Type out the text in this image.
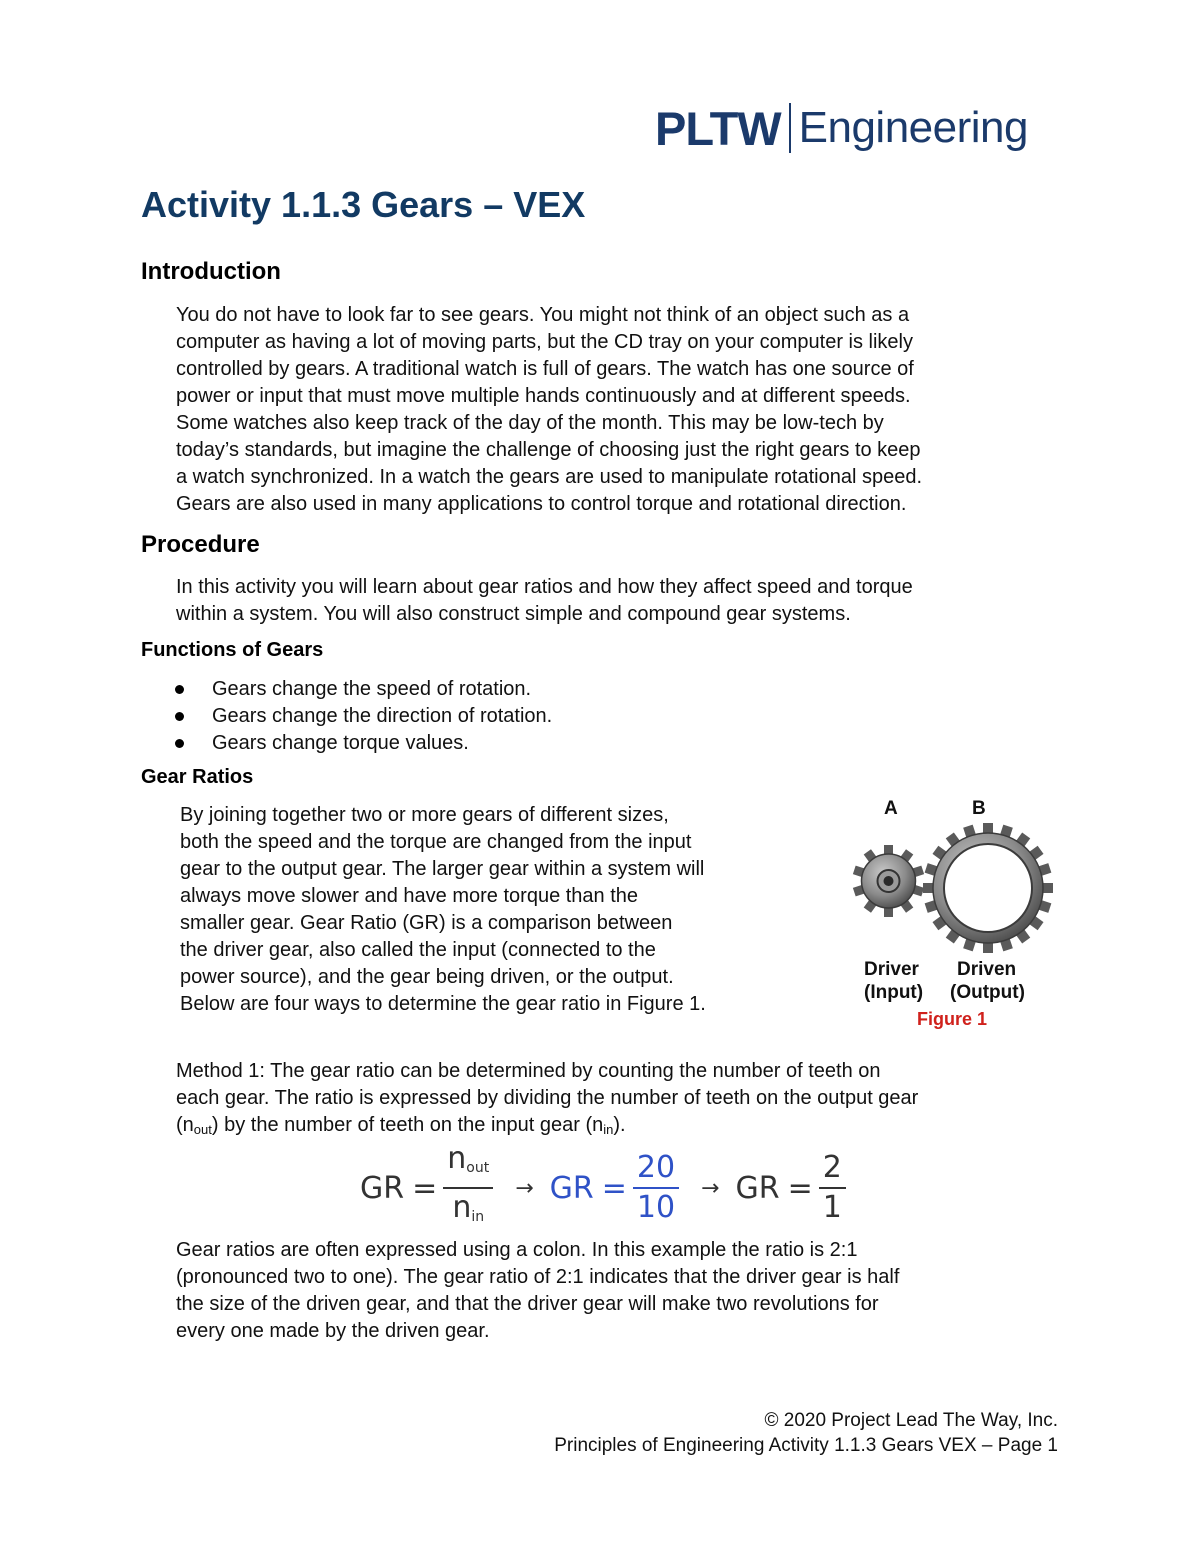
PLTW Engineering
Activity 1.1.3 Gears – VEX
Introduction
You do not have to look far to see gears. You might not think of an object such as a
computer as having a lot of moving parts, but the CD tray on your computer is likely
controlled by gears. A traditional watch is full of gears. The watch has one source of
power or input that must move multiple hands continuously and at different speeds.
Some watches also keep track of the day of the month. This may be low-tech by
today’s standards, but imagine the challenge of choosing just the right gears to keep
a watch synchronized. In a watch the gears are used to manipulate rotational speed.
Gears are also used in many applications to control torque and rotational direction.
Procedure
In this activity you will learn about gear ratios and how they affect speed and torque
within a system. You will also construct simple and compound gear systems.
Functions of Gears
Gears change the speed of rotation.
Gears change the direction of rotation.
Gears change torque values.
Gear Ratios
By joining together two or more gears of different sizes,
both the speed and the torque are changed from the input
gear to the output gear. The larger gear within a system will
always move slower and have more torque than the
smaller gear. Gear Ratio (GR) is a comparison between
the driver gear, also called the input (connected to the
power source), and the gear being driven, or the output.
Below are four ways to determine the gear ratio in Figure 1.
A	B
Driver
(Input)
Driven
(Output)
Figure 1
Method 1: The gear ratio can be determined by counting the number of teeth on
each gear. The ratio is expressed by dividing the number of teeth on the output gear
$(n_{out})$ by the number of teeth on the input gear $(n_{in})$.
GR = $\frac{\text{nout}}{\text{nin}}$ → GR = $\frac{20}{10}$ → GR = $\frac{2}{1}$
Gear ratios are often expressed using a colon. In this example the ratio is 2:1
(pronounced two to one). The gear ratio of 2:1 indicates that the driver gear is half
the size of the driven gear, and that the driver gear will make two revolutions for
every one made by the driven gear.
© 2020 Project Lead The Way, Inc.
Principles of Engineering Activity 1.1.3 Gears VEX – Page 1
